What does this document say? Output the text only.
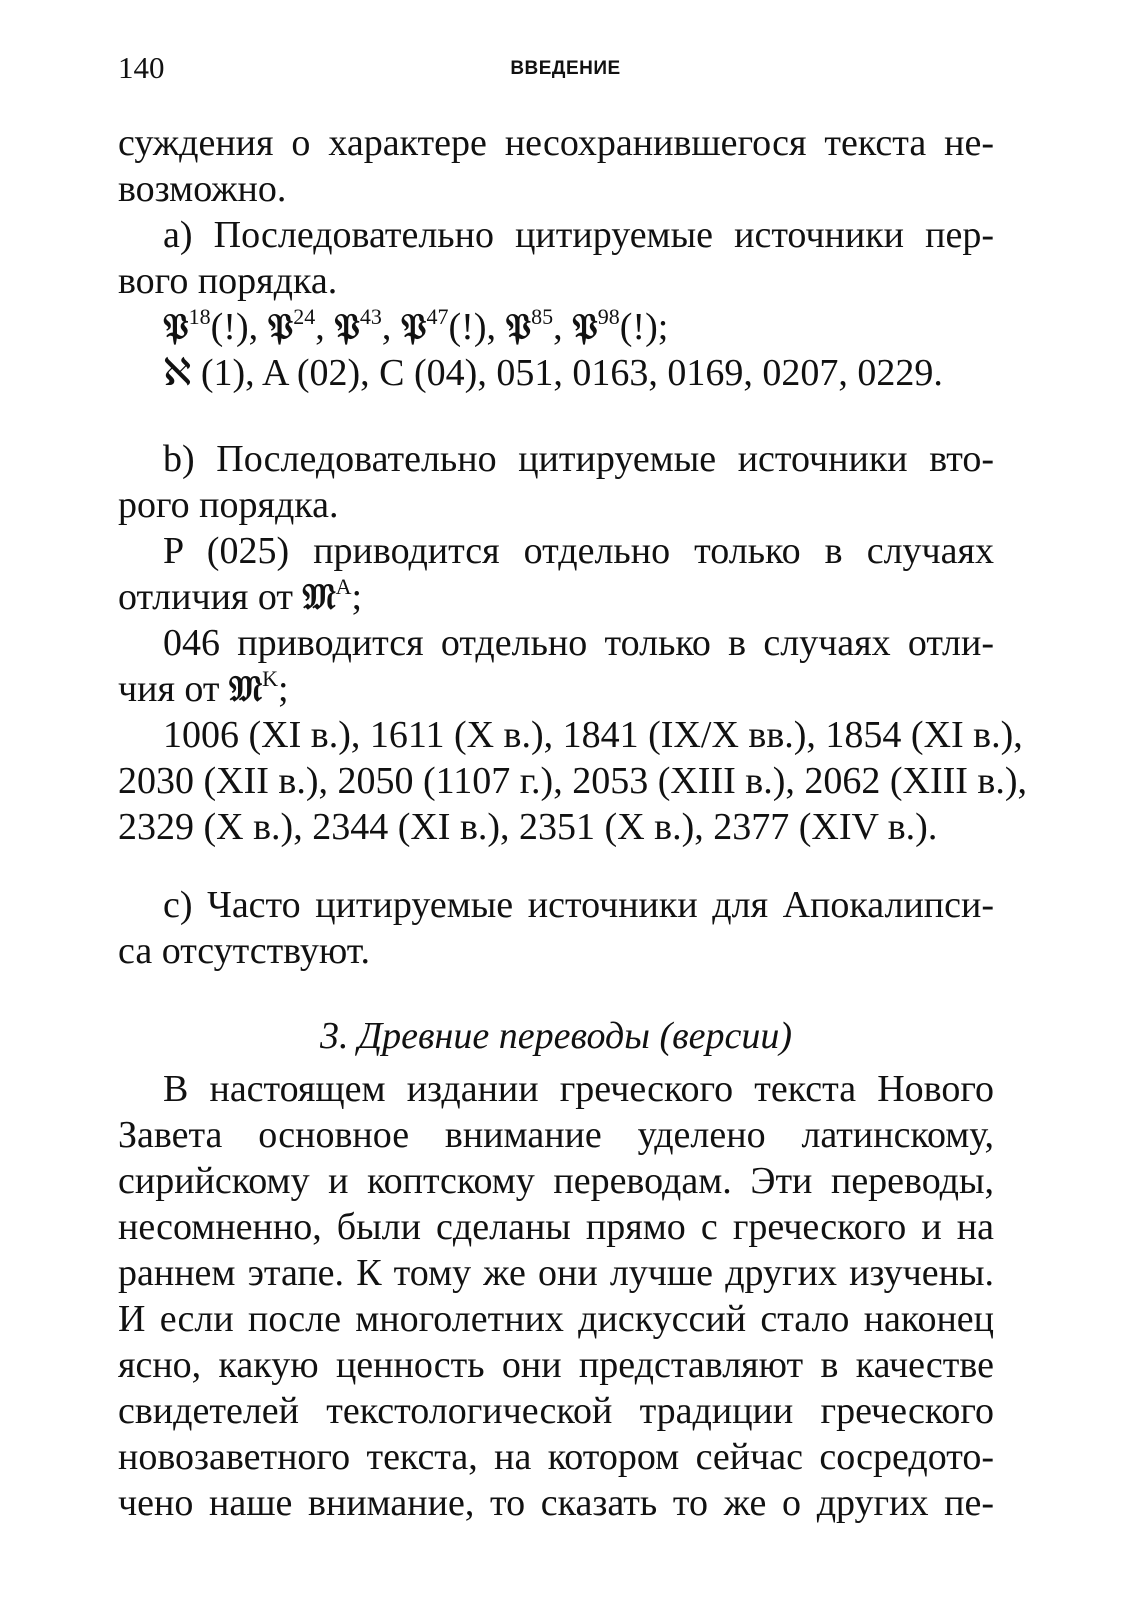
140	ВВЕДЕНИЕ
суждения о характере несохранившегося текста не-
возможно.
а) Последовательно цитируемые источники пер-
вого порядка.
𝔓$^{18}$(!), 𝔓$^{24}$, 𝔓$^{43}$, 𝔓$^{47}$(!), 𝔓$^{85}$, 𝔓$^{98}$(!);
ℵ (1), A (02), C (04), 051, 0163, 0169, 0207, 0229.
b) Последовательно цитируемые источники вто-
рого порядка.
P (025) приводится отдельно только в случаях
отличия от 𝔐$^A$;
046 приводится отдельно только в случаях отли-
чия от 𝔐$^K$;
1006 (XI в.), 1611 (X в.), 1841 (IX/X вв.), 1854 (XI в.),
2030 (XII в.), 2050 (1107 г.), 2053 (XIII в.), 2062 (XIII в.),
2329 (X в.), 2344 (XI в.), 2351 (X в.), 2377 (XIV в.).
с) Часто цитируемые источники для Апокалипси-
са отсутствуют.
3. Древние переводы (версии)
В настоящем издании греческого текста Нового
Завета основное внимание уделено латинскому,
сирийскому и коптскому переводам. Эти переводы,
несомненно, были сделаны прямо с греческого и на
раннем этапе. К тому же они лучше других изучены.
И если после многолетних дискуссий стало наконец
ясно, какую ценность они представляют в качестве
свидетелей текстологической традиции греческого
новозаветного текста, на котором сейчас сосредото-
чено наше внимание, то сказать то же о других пе-
